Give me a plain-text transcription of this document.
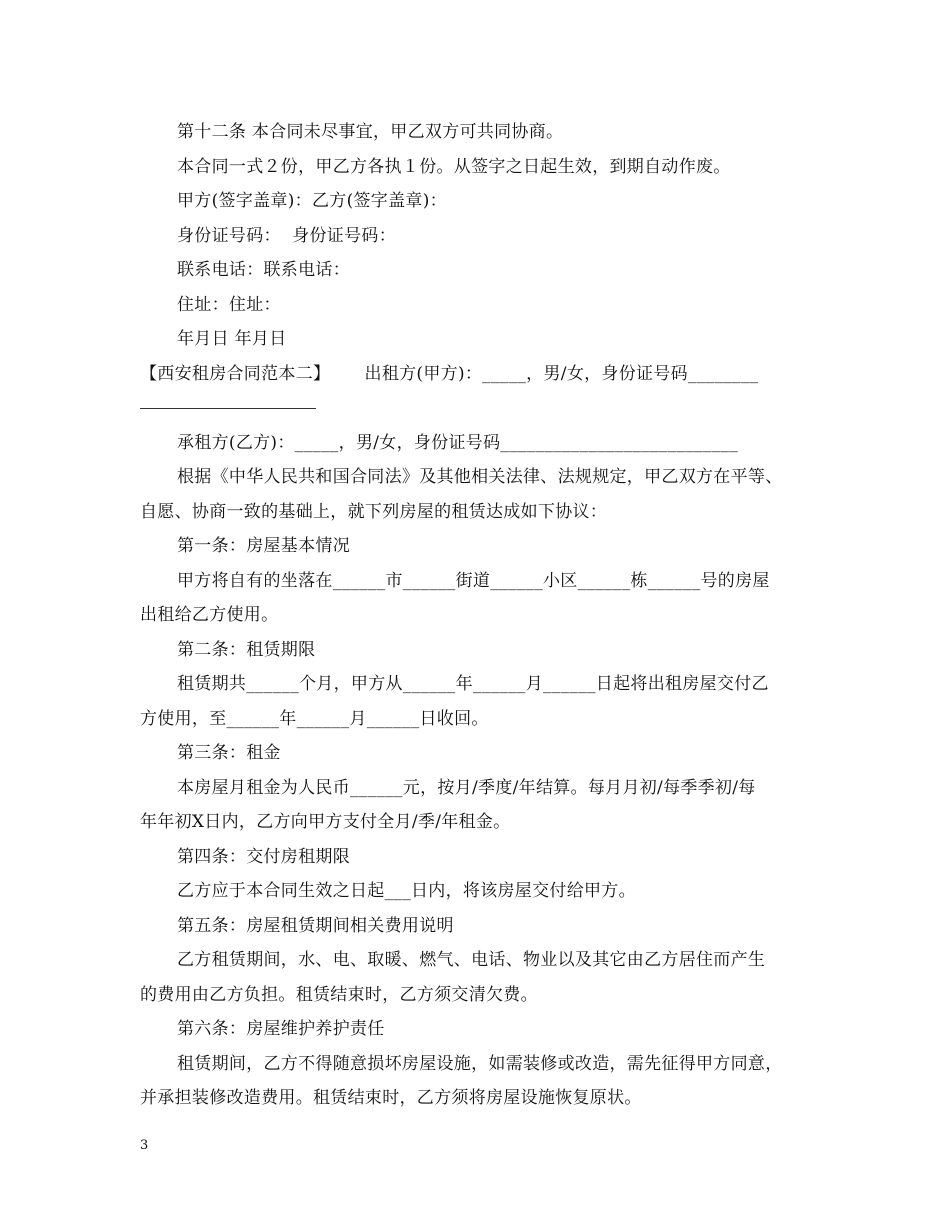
第十二条 本合同未尽事宜，甲乙双方可共同协商。
本合同一式２份，甲乙方各执１份。从签字之日起生效，到期自动作废。
甲方(签字盖章)：乙方(签字盖章)：
身份证号码：  身份证号码：
联系电话：联系电话：
住址：住址：
年月日 年月日
【西安租房合同范本二】      出租方(甲方)：_____，男/女，身份证号码________
承租方(乙方)：_____，男/女，身份证号码___________________________
根据《中华人民共和国合同法》及其他相关法律、法规规定，甲乙双方在平等、
自愿、协商一致的基础上，就下列房屋的租赁达成如下协议：
第一条：房屋基本情况
甲方将自有的坐落在______市______街道______小区______栋______号的房屋
出租给乙方使用。
第二条：租赁期限
租赁期共______个月，甲方从______年______月______日起将出租房屋交付乙
方使用，至______年______月______日收回。
第三条：租金
本房屋月租金为人民币______元，按月/季度/年结算。每月月初/每季季初/每
年年初X日内，乙方向甲方支付全月/季/年租金。
第四条：交付房租期限
乙方应于本合同生效之日起___日内，将该房屋交付给甲方。
第五条：房屋租赁期间相关费用说明
乙方租赁期间，水、电、取暖、燃气、电话、物业以及其它由乙方居住而产生
的费用由乙方负担。租赁结束时，乙方须交清欠费。
第六条：房屋维护养护责任
租赁期间，乙方不得随意损坏房屋设施，如需装修或改造，需先征得甲方同意，
并承担装修改造费用。租赁结束时，乙方须将房屋设施恢复原状。
3
